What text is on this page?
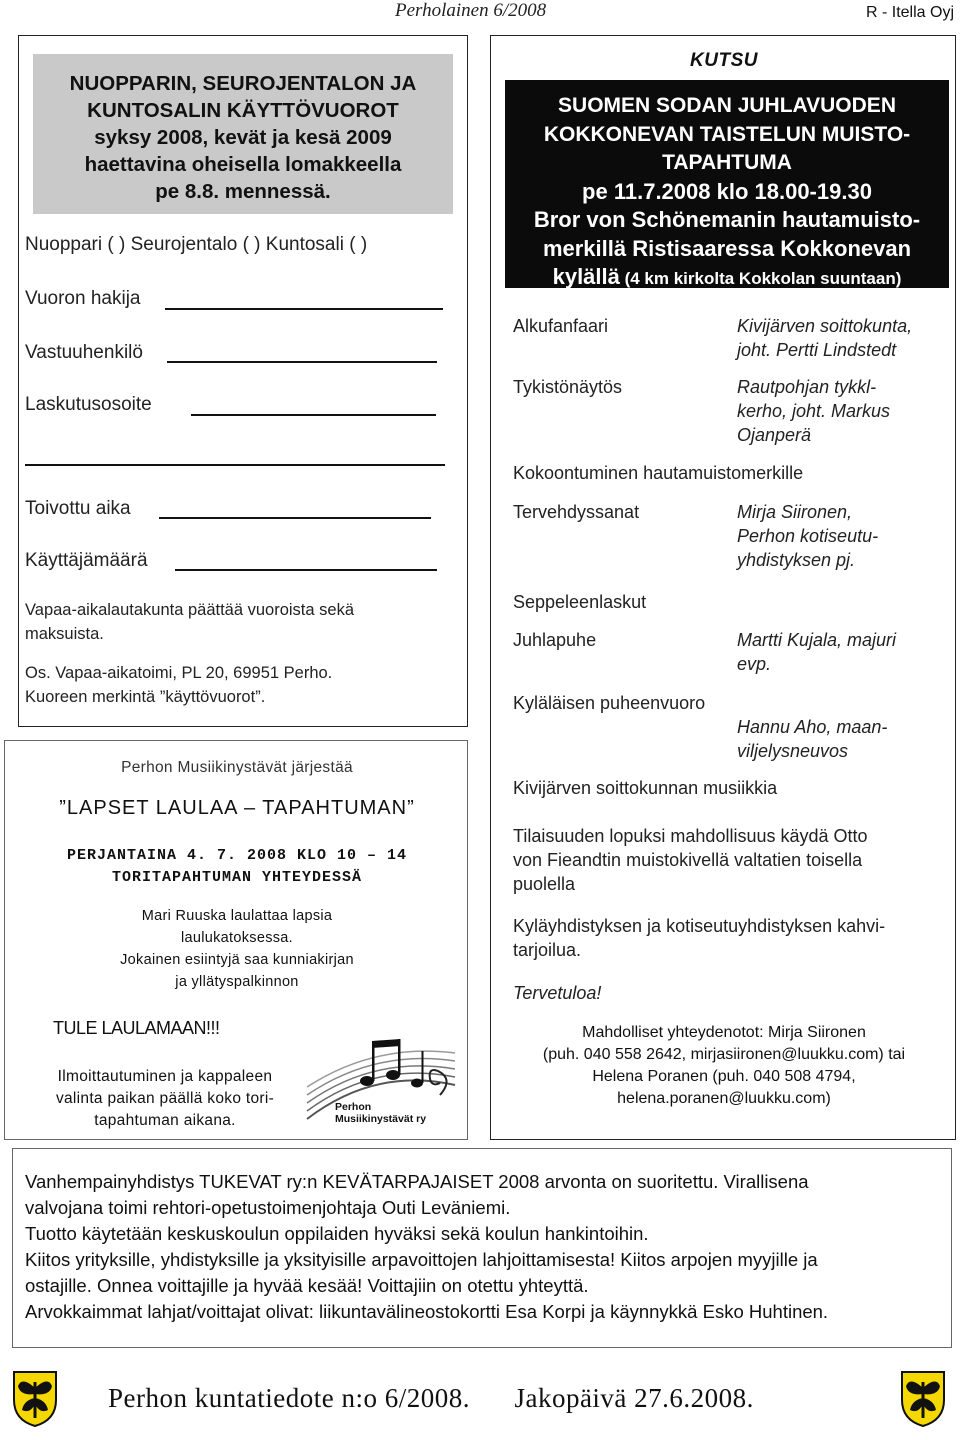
Perholainen 6/2008	R - Itella Oyj
NUOPPARIN, SEUROJENTALON JA
KUNTOSALIN KÄYTTÖVUOROT
syksy 2008, kevät ja kesä 2009
haettavina oheisella lomakkeella
pe 8.8. mennessä.
Nuoppari ( ) Seurojentalo ( ) Kuntosali ( )
Vuoron hakija
Vastuuhenkilö
Laskutusosoite
Toivottu aika
Käyttäjämäärä
Vapaa-aikalautakunta päättää vuoroista sekä
maksuista.
Os. Vapaa-aikatoimi, PL 20, 69951 Perho.
Kuoreen merkintä ”käyttövuorot”.
Perhon Musiikinystävät järjestää
”LAPSET LAULAA – TAPAHTUMAN”
PERJANTAINA 4. 7. 2008 KLO 10 – 14
TORITAPAHTUMAN YHTEYDESSÄ
Mari Ruuska laulattaa lapsia
laulukatoksessa.
Jokainen esiintyjä saa kunniakirjan
ja yllätyspalkinnon
TULE LAULAMAAN!!!
Ilmoittautuminen ja kappaleen
valinta paikan päällä koko tori-
tapahtuman aikana.
Perhon
Musiikinystävät ry
KUTSU
SUOMEN SODAN JUHLAVUODEN
KOKKONEVAN TAISTELUN MUISTO-
TAPAHTUMA
pe 11.7.2008 klo 18.00-19.30
Bror von Schönemanin hautamuisto-
merkillä Ristisaaressa Kokkonevan
kylällä (4 km kirkolta Kokkolan suuntaan)
Alkufanfaari	Kivijärven soittokunta,
joht. Pertti Lindstedt
Tykistönäytös	Rautpohjan tykkl-
kerho, joht. Markus
Ojanperä
Kokoontuminen hautamuistomerkille
Tervehdyssanat	Mirja Siironen,
Perhon kotiseutu-
yhdistyksen pj.
Seppeleenlaskut
Juhlapuhe	Martti Kujala, majuri
evp.
Kyläläisen puheenvuoro
Hannu Aho, maan-
viljelysneuvos
Kivijärven soittokunnan musiikkia
Tilaisuuden lopuksi mahdollisuus käydä Otto
von Fieandtin muistokivellä valtatien toisella
puolella
Kyläyhdistyksen ja kotiseutuyhdistyksen kahvi-
tarjoilua.
Tervetuloa!
Mahdolliset yhteydenotot: Mirja Siironen
(puh. 040 558 2642, mirjasiironen@luukku.com) tai
Helena Poranen (puh. 040 508 4794,
helena.poranen@luukku.com)
Vanhempainyhdistys TUKEVAT ry:n KEVÄTARPAJAISET 2008 arvonta on suoritettu. Virallisena
valvojana toimi rehtori-opetustoimenjohtaja Outi Leväniemi.
Tuotto käytetään keskuskoulun oppilaiden hyväksi sekä koulun hankintoihin.
Kiitos yrityksille, yhdistyksille ja yksityisille arpavoittojen lahjoittamisesta! Kiitos arpojen myyjille ja
ostajille. Onnea voittajille ja hyvää kesää! Voittajiin on otettu yhteyttä.
Arvokkaimmat lahjat/voittajat olivat: liikuntavälineostokortti Esa Korpi ja käynnykkä Esko Huhtinen.
Perhon kuntatiedote n:o 6/2008. Jakopäivä 27.6.2008.
